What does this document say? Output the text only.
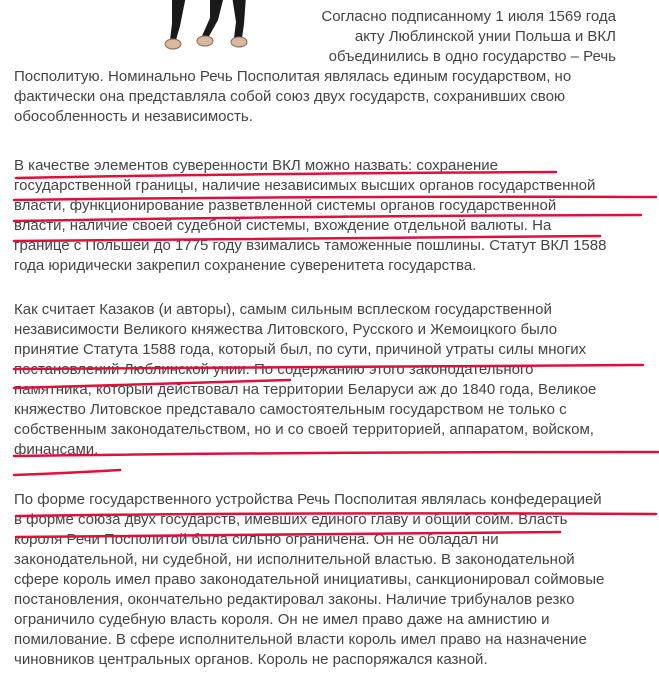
Согласно подписанному 1 июля 1569 года
акту Люблинской унии Польша и ВКЛ
объединились в одно государство – Речь
Посполитую. Номинально Речь Посполитая являлась единым государством, но
фактически она представляла собой союз двух государств, сохранивших свою
обособленность и независимость.
В качестве элементов суверенности ВКЛ можно назвать: сохранение
государственной границы, наличие независимых высших органов государственной
власти, функционирование разветвленной системы органов государственной
власти, наличие своей судебной системы, вхождение отдельной валюты. На
границе с Польшей до 1775 году взимались таможенные пошлины. Статут ВКЛ 1588
года юридически закрепил сохранение суверенитета государства.
Как считает Казаков (и авторы), самым сильным всплеском государственной
независимости Великого княжества Литовского, Русского и Жемоицкого было
принятие Статута 1588 года, который был, по сути, причиной утраты силы многих
постановлений Люблинской унии. По содержанию этого законодательного
памятника, который действовал на территории Беларуси аж до 1840 года, Великое
княжество Литовское представало самостоятельным государством не только с
собственным законодательством, но и со своей территорией, аппаратом, войском,
финансами.
По форме государственного устройства Речь Посполитая являлась конфедерацией
в форме союза двух государств, имевших единого главу и общий сойм. Власть
короля Речи Посполитой была сильно ограничена. Он не обладал ни
законодательной, ни судебной, ни исполнительной властью. В законодательной
сфере король имел право законодательной инициативы, санкционировал соймовые
постановления, окончательно редактировал законы. Наличие трибуналов резко
ограничило судебную власть короля. Он не имел право даже на амнистию и
помилование. В сфере исполнительной власти король имел право на назначение
чиновников центральных органов. Король не распоряжался казной.
